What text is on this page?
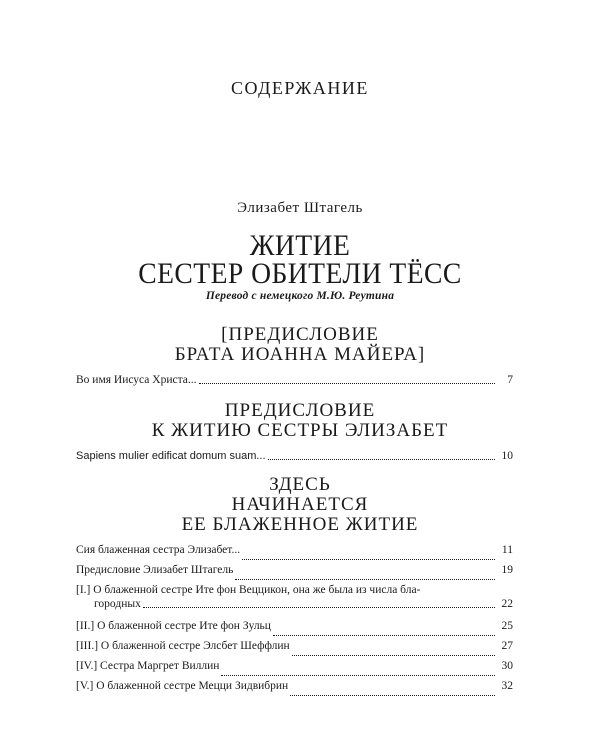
СОДЕРЖАНИЕ
Элизабет Штагель
ЖИТИЕ
СЕСТЕР ОБИТЕЛИ ТЁСС
Перевод с немецкого М.Ю. Реутина
[ПРЕДИСЛОВИЕ
БРАТА ИОАННА МАЙЕРА]
Во имя Иисуса Христа...	7
ПРЕДИСЛОВИЕ
К ЖИТИЮ СЕСТРЫ ЭЛИЗАБЕТ
Sapiens mulier edificat domum suam...	10
ЗДЕСЬ
НАЧИНАЕТСЯ
ЕЕ БЛАЖЕННОЕ ЖИТИЕ
Сия блаженная сестра Элизабет...	11
Предисловие Элизабет Штагель	19
[I.] О блаженной сестре Ите фон Веццикон, она же была из числа бла-
городных	22
[II.] О блаженной сестре Ите фон Зульц	25
[III.] О блаженной сестре Элсбет Шеффлин	27
[IV.] Сестра Маргрет Виллин	30
[V.] О блаженной сестре Мецци Зидвибрин	32
